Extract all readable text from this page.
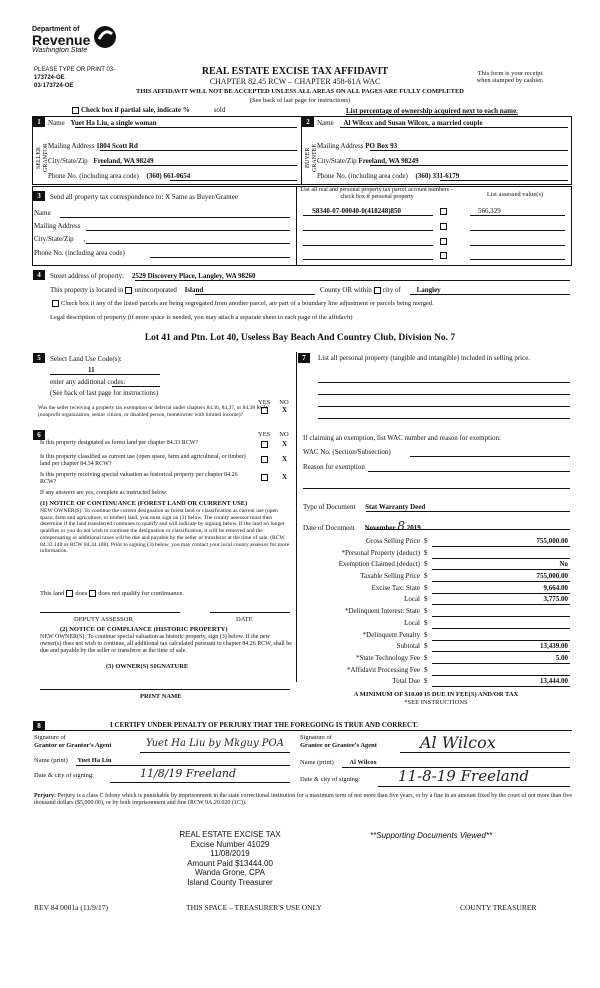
Department of
Revenue
Washington State
PLEASE TYPE OR PRINT 03-
173724-OE
03-173724-OE
REAL ESTATE EXCISE TAX AFFIDAVIT
CHAPTER 82.45 RCW – CHAPTER 458-61A WAC
This form is your receipt
when stamped by cashier.
THIS AFFIDAVIT WILL NOT BE ACCEPTED UNLESS ALL AREAS ON ALL PAGES ARE FULLY COMPLETED
(See back of last page for instructions)
Check box if partial sale, indicate %	sold	List percentage of ownership acquired next to each name.
1	Name Yuet Ha Liu, a single woman
SELLER GRANTOR Mailing Address 1804 Scott Rd
City/State/Zip Freeland, WA 98249
Phone No. (including area code) (360) 661-0654
2	Name Al Wilcox and Susan Wilcox, a married couple
BUYER GRANTEE Mailing Address PO Box 93
City/State/Zip Freeland, WA 98249
Phone No. (including area code) (360) 331-6179
3	Send all property tax correspondence to: X Same as Buyer/Grantee
Name
Mailing Address
City/State/Zip ,
Phone No. (including area code)
List all real and personal property tax parcel account numbers – check box if personal property	List assessed value(s)
S8340-07-00040-0(418248)850	566,329
4	Street address of property: 2529 Discovery Place, Langley, WA 98260
This property is located in unincorporated Island	County OR within city of Langley
Check box if any of the listed parcels are being segregated from another parcel, are part of a boundary line adjustment or parcels being merged.
Legal description of property (if more space is needed, you may attach a separate sheet to each page of the affidavit)
Lot 41 and Ptn. Lot 40, Useless Bay Beach And Country Club, Division No. 7
5	Select Land Use Code(s):
11
enter any additional codes:
(See back of last page for instructions)
YES NO
Was the seller receiving a property tax exemption or deferral under chapters 84.36, 84.37, or 84.38 RCW (nonprofit organization, senior citizen, or disabled person, homeowner with limited income)?
X
6	YES NO
Is this property designated as forest land per chapter 84.33 RCW?	X
Is this property classified as current use (open space, farm and agricultural, or timber) land per chapter 84.34 RCW?
X
Is this property receiving special valuation as historical property per chapter 84.26 RCW?
X
If any answers are yes, complete as instructed below.
(1) NOTICE OF CONTINUANCE (FOREST LAND OR CURRENT USE)
NEW OWNER(S): To continue the current designation as forest land or classification as current use (open space, farm and agriculture, or timber) land, you must sign on (3) below. The county assessor must then determine if the land transferred continues to qualify and will indicate by signing below. If the land no longer qualifies or you do not wish to continue the designation or classification, it will be removed and the compensating or additional taxes will be due and payable by the seller or transferor at the time of sale. (RCW 84.33.140 or RCW 84.34.108). Prior to signing (3) below, you may contact your local county assessor for more information.
This land does does not qualify for continuance.
DEPUTY ASSESSOR	DATE
(2) NOTICE OF COMPLIANCE (HISTORIC PROPERTY)
NEW OWNER(S): To continue special valuation as historic property, sign (3) below. If the new owner(s) does not wish to continue, all additional tax calculated pursuant to chapter 84.26 RCW, shall be due and payable by the seller or transferor at the time of sale.
(3) OWNER(S) SIGNATURE
PRINT NAME
7	List all personal property (tangible and intangible) included in selling price.
If claiming an exemption, list WAC number and reason for exemption:
WAC No. (Section/Subsection)
Reason for exemption
Type of Document Stat Warranty Deed
Date of Document November 8 2019
Gross Selling Price $	755,000.00
*Personal Property (deduct) $
Exemption Claimed (deduct) $	No
Taxable Selling Price $	755,000.00
Excise Tax: State $	9,664.00
Local $	3,775.00
*Delinquent Interest: State $
Local $
*Delinquent Penalty $
Subtotal $	13,439.00
*State Technology Fee $	5.00
*Affidavit Processing Fee $
Total Due $	13,444.00
A MINIMUM OF $10.00 IS DUE IN FEE(S) AND/OR TAX
*SEE INSTRUCTIONS
8	I CERTIFY UNDER PENALTY OF PERJURY THAT THE FOREGOING IS TRUE AND CORRECT.
Signature of
Grantor or Grantor's Agent	Yuet Ha Liu by Mkguy POA
Name (print) Yuet Ha Liu
Date & city of signing:	11/8/19 Freeland
Signature of
Grantee or Grantee's Agent	Al Wilcox
Name (print) Al Wilcox
Date & city of signing:	11-8-19 Freeland
Perjury: Perjury is a class C felony which is punishable by imprisonment in the state correctional institution for a maximum term of not more than five years, or by a fine in an amount fixed by the court of not more than five thousand dollars ($5,000.00), or by both imprisonment and fine (RCW 9A.20.020 (1C)).
REAL ESTATE EXCISE TAX
Excise Number 41029
11/08/2019
Amount Paid $13444.00
Wanda Grone, CPA
Island County Treasurer
**Supporting Documents Viewed**
REV 84 0001a (11/9/17)	THIS SPACE – TREASURER'S USE ONLY	COUNTY TREASURER
